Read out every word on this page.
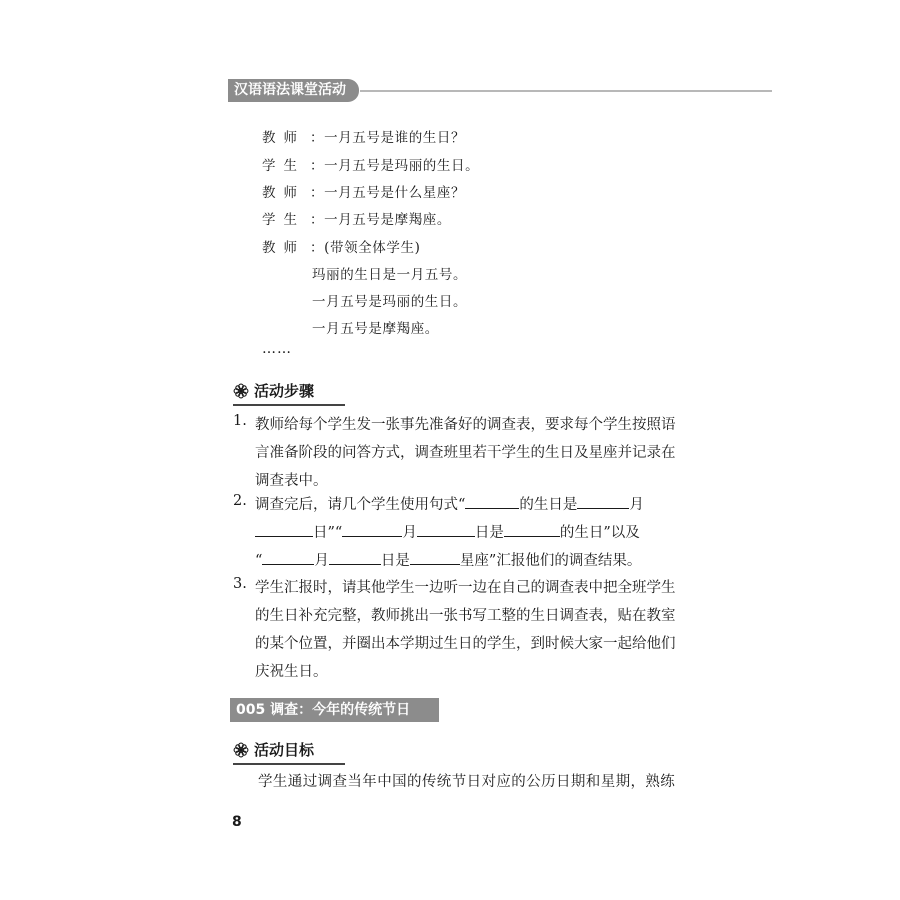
汉语语法课堂活动
教师 ：一月五号是谁的生日？
学生 ：一月五号是玛丽的生日。
教师 ：一月五号是什么星座？
学生 ：一月五号是摩羯座。
教师 ：(带领全体学生)
玛丽的生日是一月五号。
一月五号是玛丽的生日。
一月五号是摩羯座。
……
活动步骤
1. 教师给每个学生发一张事先准备好的调查表，要求每个学生按照语
言准备阶段的问答方式，调查班里若干学生的生日及星座并记录在
调查表中。
2. 调查完后，请几个学生使用句式“	的生日是	月
日”“	月	日是	的生日”以及
“	月	日是	星座”汇报他们的调查结果。
3. 学生汇报时，请其他学生一边听一边在自己的调查表中把全班学生
的生日补充完整，教师挑出一张书写工整的生日调查表，贴在教室
的某个位置，并圈出本学期过生日的学生，到时候大家一起给他们
庆祝生日。
005 调查：今年的传统节日
活动目标
学生通过调查当年中国的传统节日对应的公历日期和星期，熟练
8
